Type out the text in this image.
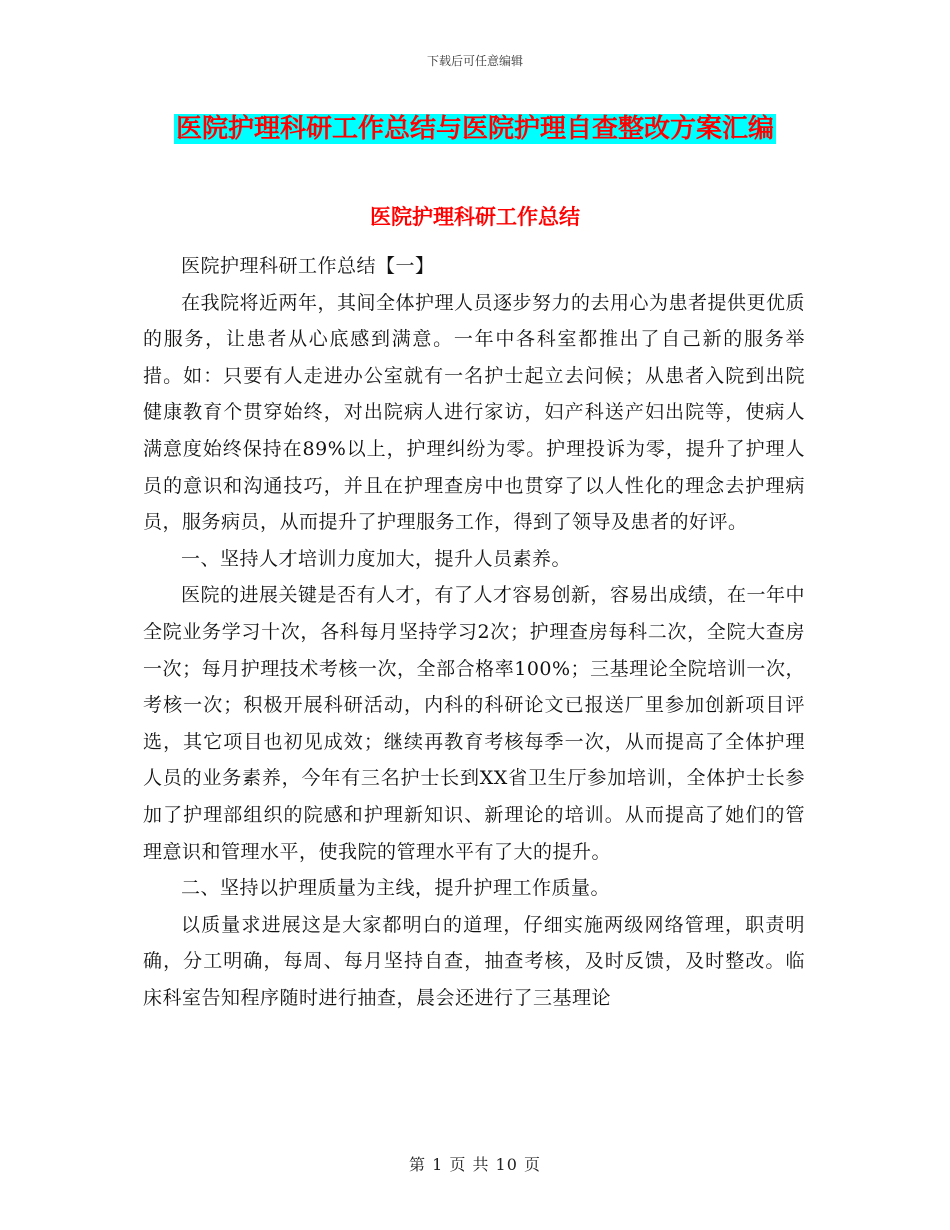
下载后可任意编辑
医院护理科研工作总结与医院护理自查整改方案汇编
医院护理科研工作总结

医院护理科研工作总结【一】

在我院将近两年，其间全体护理人员逐步努力的去用心为患者提供更优质的服务，让患者从心底感到满意。一年中各科室都推出了自己新的服务举措。如：只要有人走进办公室就有一名护士起立去问候；从患者入院到出院健康教育个贯穿始终，对出院病人进行家访，妇产科送产妇出院等，使病人满意度始终保持在89%以上，护理纠纷为零。护理投诉为零，提升了护理人员的意识和沟通技巧，并且在护理查房中也贯穿了以人性化的理念去护理病员，服务病员，从而提升了护理服务工作，得到了领导及患者的好评。

一、坚持人才培训力度加大，提升人员素养。

医院的进展关键是否有人才，有了人才容易创新，容易出成绩，在一年中全院业务学习十次，各科每月坚持学习2次；护理查房每科二次，全院大查房一次；每月护理技术考核一次，全部合格率100%；三基理论全院培训一次，考核一次；积极开展科研活动，内科的科研论文已报送厂里参加创新项目评选，其它项目也初见成效；继续再教育考核每季一次，从而提高了全体护理人员的业务素养，今年有三名护士长到XX省卫生厅参加培训，全体护士长参加了护理部组织的院感和护理新知识、新理论的培训。从而提高了她们的管理意识和管理水平，使我院的管理水平有了大的提升。

二、坚持以护理质量为主线，提升护理工作质量。

以质量求进展这是大家都明白的道理，仔细实施两级网络管理，职责明确，分工明确，每周、每月坚持自查，抽查考核，及时反馈，及时整改。临床科室告知程序随时进行抽查，晨会还进行了三基理论

第 1 页 共 10 页
